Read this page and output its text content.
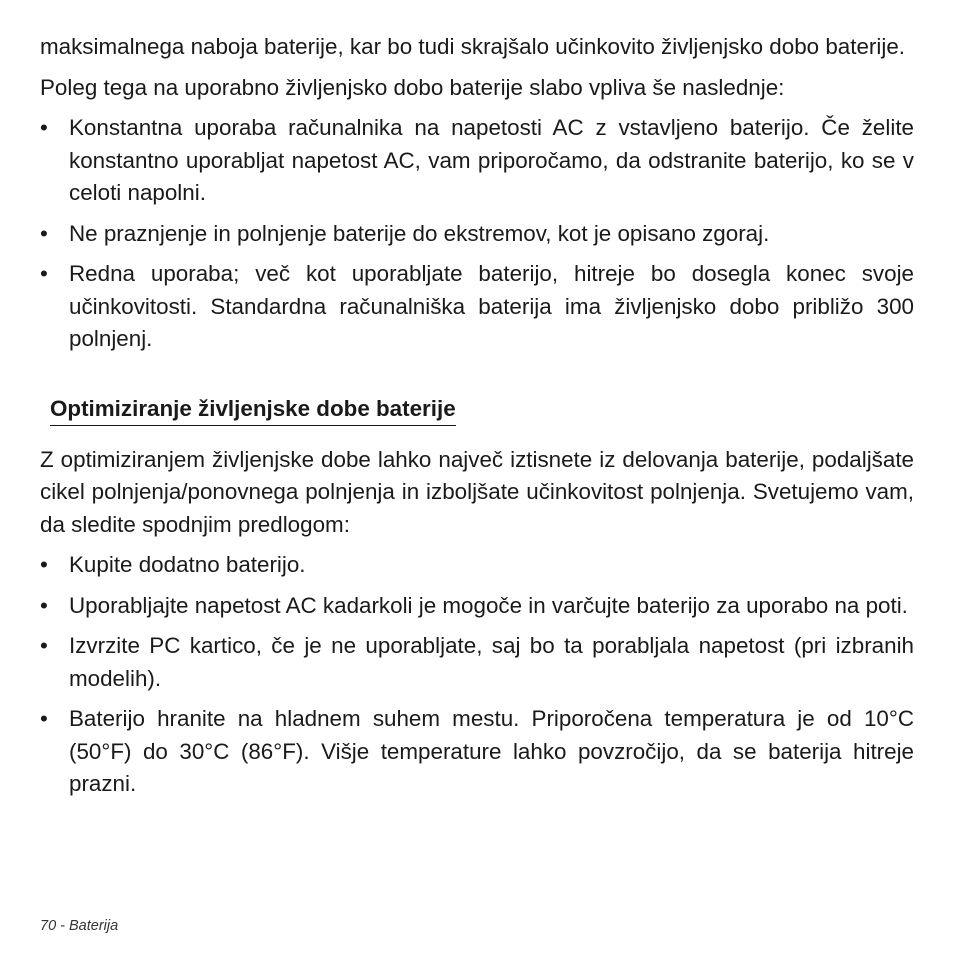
maksimalnega naboja baterije, kar bo tudi skrajšalo učinkovito življenjsko dobo baterije.

Poleg tega na uporabno življenjsko dobo baterije slabo vpliva še naslednje:

• Konstantna uporaba računalnika na napetosti AC z vstavljeno baterijo. Če želite konstantno uporabljat napetost AC, vam priporočamo, da odstranite baterijo, ko se v celoti napolni.
• Ne praznjenje in polnjenje baterije do ekstremov, kot je opisano zgoraj.
• Redna uporaba; več kot uporabljate baterijo, hitreje bo dosegla konec svoje učinkovitosti. Standardna računalniška baterija ima življenjsko dobo približo 300 polnjenj.
Optimiziranje življenjske dobe baterije

Z optimiziranjem življenjske dobe lahko največ iztisnete iz delovanja baterije, podaljšate cikel polnjenja/ponovnega polnjenja in izboljšate učinkovitost polnjenja. Svetujemo vam, da sledite spodnjim predlogom:

• Kupite dodatno baterijo.
• Uporabljajte napetost AC kadarkoli je mogoče in varčujte baterijo za uporabo na poti.
• Izvrzite PC kartico, če je ne uporabljate, saj bo ta porabljala napetost (pri izbranih modelih).
• Baterijo hranite na hladnem suhem mestu. Priporočena temperatura je od 10°C (50°F) do 30°C (86°F). Višje temperature lahko povzročijo, da se baterija hitreje prazni.
70 - Baterija
